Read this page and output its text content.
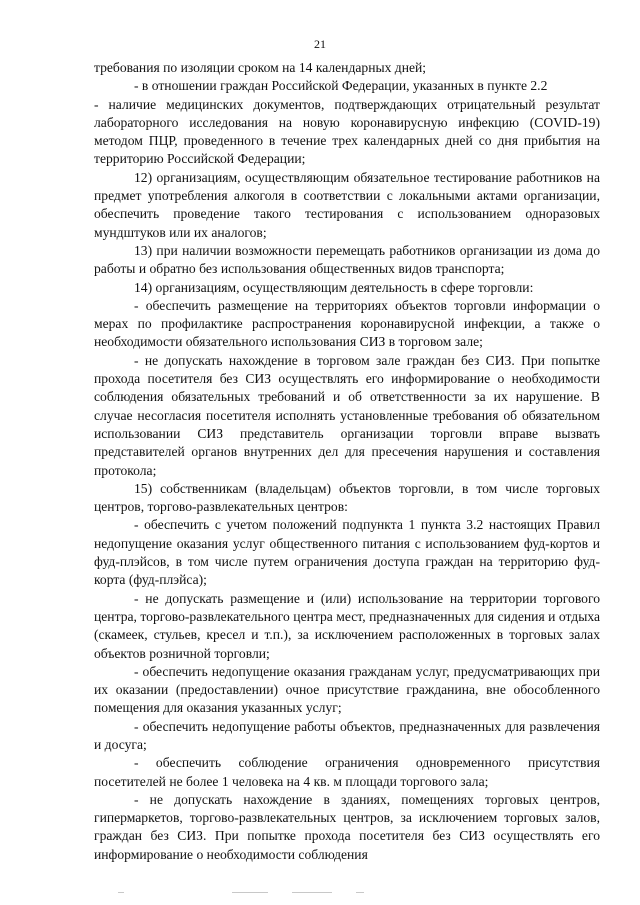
21

требования по изоляции сроком на 14 календарных дней;

- в отношении граждан Российской Федерации, указанных в пункте 2.2

- наличие медицинских документов, подтверждающих отрицательный результат лабораторного исследования на новую коронавирусную инфекцию (COVID-19) методом ПЦР, проведенного в течение трех календарных дней со дня прибытия на территорию Российской Федерации;

12) организациям, осуществляющим обязательное тестирование работников на предмет употребления алкоголя в соответствии с локальными актами организации, обеспечить проведение такого тестирования с использованием одноразовых мундштуков или их аналогов;

13) при наличии возможности перемещать работников организации из дома до работы и обратно без использования общественных видов транспорта;

14) организациям, осуществляющим деятельность в сфере торговли:

- обеспечить размещение на территориях объектов торговли информации о мерах по профилактике распространения коронавирусной инфекции, а также о необходимости обязательного использования СИЗ в торговом зале;

- не допускать нахождение в торговом зале граждан без СИЗ. При попытке прохода посетителя без СИЗ осуществлять его информирование о необходимости соблюдения обязательных требований и об ответственности за их нарушение. В случае несогласия посетителя исполнять установленные требования об обязательном использовании СИЗ представитель организации торговли вправе вызвать представителей органов внутренних дел для пресечения нарушения и составления протокола;

15) собственникам (владельцам) объектов торговли, в том числе торговых центров, торгово-развлекательных центров:

- обеспечить с учетом положений подпункта 1 пункта 3.2 настоящих Правил недопущение оказания услуг общественного питания с использованием фуд-кортов и фуд-плэйсов, в том числе путем ограничения доступа граждан на территорию фуд-корта (фуд-плэйса);

- не допускать размещение и (или) использование на территории торгового центра, торгово-развлекательного центра мест, предназначенных для сидения и отдыха (скамеек, стульев, кресел и т.п.), за исключением расположенных в торговых залах объектов розничной торговли;

- обеспечить недопущение оказания гражданам услуг, предусматривающих при их оказании (предоставлении) очное присутствие гражданина, вне обособленного помещения для оказания указанных услуг;

- обеспечить недопущение работы объектов, предназначенных для развлечения и досуга;

- обеспечить соблюдение ограничения одновременного присутствия посетителей не более 1 человека на 4 кв. м площади торгового зала;

- не допускать нахождение в зданиях, помещениях торговых центров, гипермаркетов, торгово-развлекательных центров, за исключением торговых залов, граждан без СИЗ. При попытке прохода посетителя без СИЗ осуществлять его информирование о необходимости соблюдения
